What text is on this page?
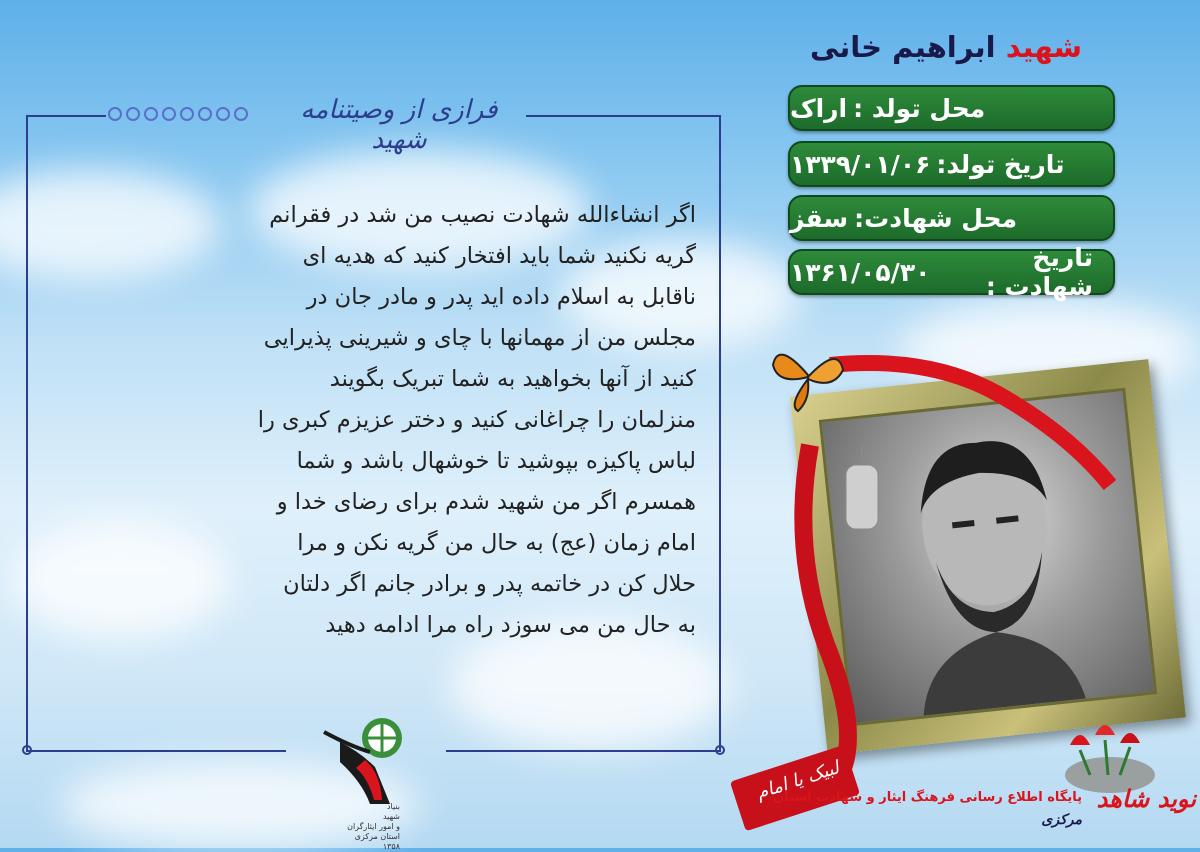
فرازی از وصیتنامه شهید
اگر انشاءالله شهادت نصیب من شد در فقرانم
گریه نکنید شما باید افتخار کنید که هدیه ای
ناقابل به اسلام داده اید پدر و مادر جان در
مجلس من از مهمانها با چای و شیرینی پذیرایی
کنید از آنها بخواهید به شما تبریک بگویند
منزلمان را چراغانی کنید و دختر عزیزم کبری را
لباس پاکیزه بپوشید تا خوشهال باشد و شما
همسرم اگر من شهید شدم برای رضای خدا و
امام زمان (عج) به حال من گریه نکن و مرا
حلال کن در خاتمه پدر و برادر جانم اگر دلتان
به حال من می سوزد راه مرا ادامه دهید
بنیاد
شهید
و امور ایثارگران
استان مرکزی
۱۳۵۸
شهید ابراهیم خانی
محل تولد :
اراک
تاریخ تولد:
۱۳۳۹/۰۱/۰۶
محل شهادت:
سقز
تاریخ شهادت :
۱۳۶۱/۰۵/۳۰
لبیک یا امام	نوید شاهد
پایگاه اطلاع رسانی فرهنگ ایثار و شهادت استان
مرکزی
